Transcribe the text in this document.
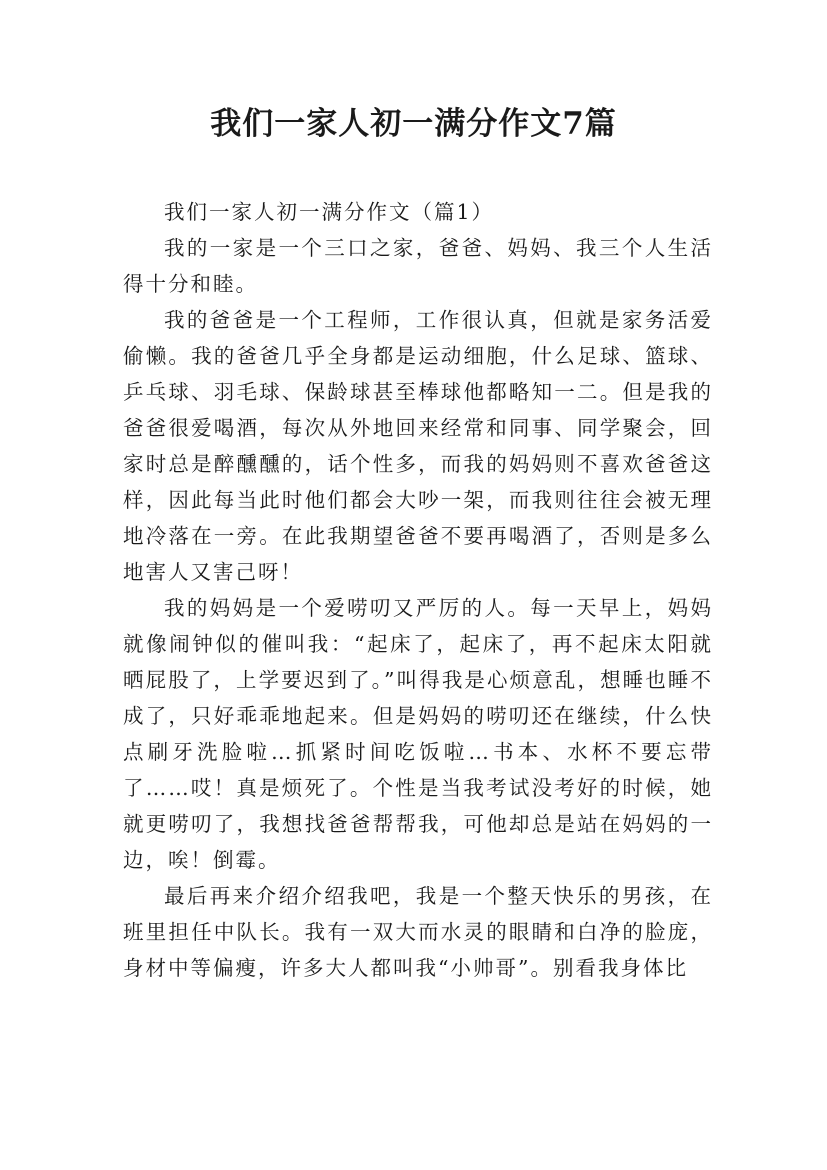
我们一家人初一满分作文7篇

我们一家人初一满分作文（篇1）

我的一家是一个三口之家，爸爸、妈妈、我三个人生活得十分和睦。

我的爸爸是一个工程师，工作很认真，但就是家务活爱偷懒。我的爸爸几乎全身都是运动细胞，什么足球、篮球、乒乓球、羽毛球、保龄球甚至棒球他都略知一二。但是我的爸爸很爱喝酒，每次从外地回来经常和同事、同学聚会，回家时总是醉醺醺的，话个性多，而我的妈妈则不喜欢爸爸这样，因此每当此时他们都会大吵一架，而我则往往会被无理地冷落在一旁。在此我期望爸爸不要再喝酒了，否则是多么地害人又害己呀！

我的妈妈是一个爱唠叨又严厉的人。每一天早上，妈妈就像闹钟似的催叫我：“起床了，起床了，再不起床太阳就晒屁股了，上学要迟到了。”叫得我是心烦意乱，想睡也睡不成了，只好乖乖地起来。但是妈妈的唠叨还在继续，什么快点刷牙洗脸啦…抓紧时间吃饭啦…书本、水杯不要忘带了……哎！真是烦死了。个性是当我考试没考好的时候，她就更唠叨了，我想找爸爸帮帮我，可他却总是站在妈妈的一边，唉！倒霉。

最后再来介绍介绍我吧，我是一个整天快乐的男孩，在班里担任中队长。我有一双大而水灵的眼睛和白净的脸庞，身材中等偏瘦，许多大人都叫我“小帅哥”。别看我身体比
